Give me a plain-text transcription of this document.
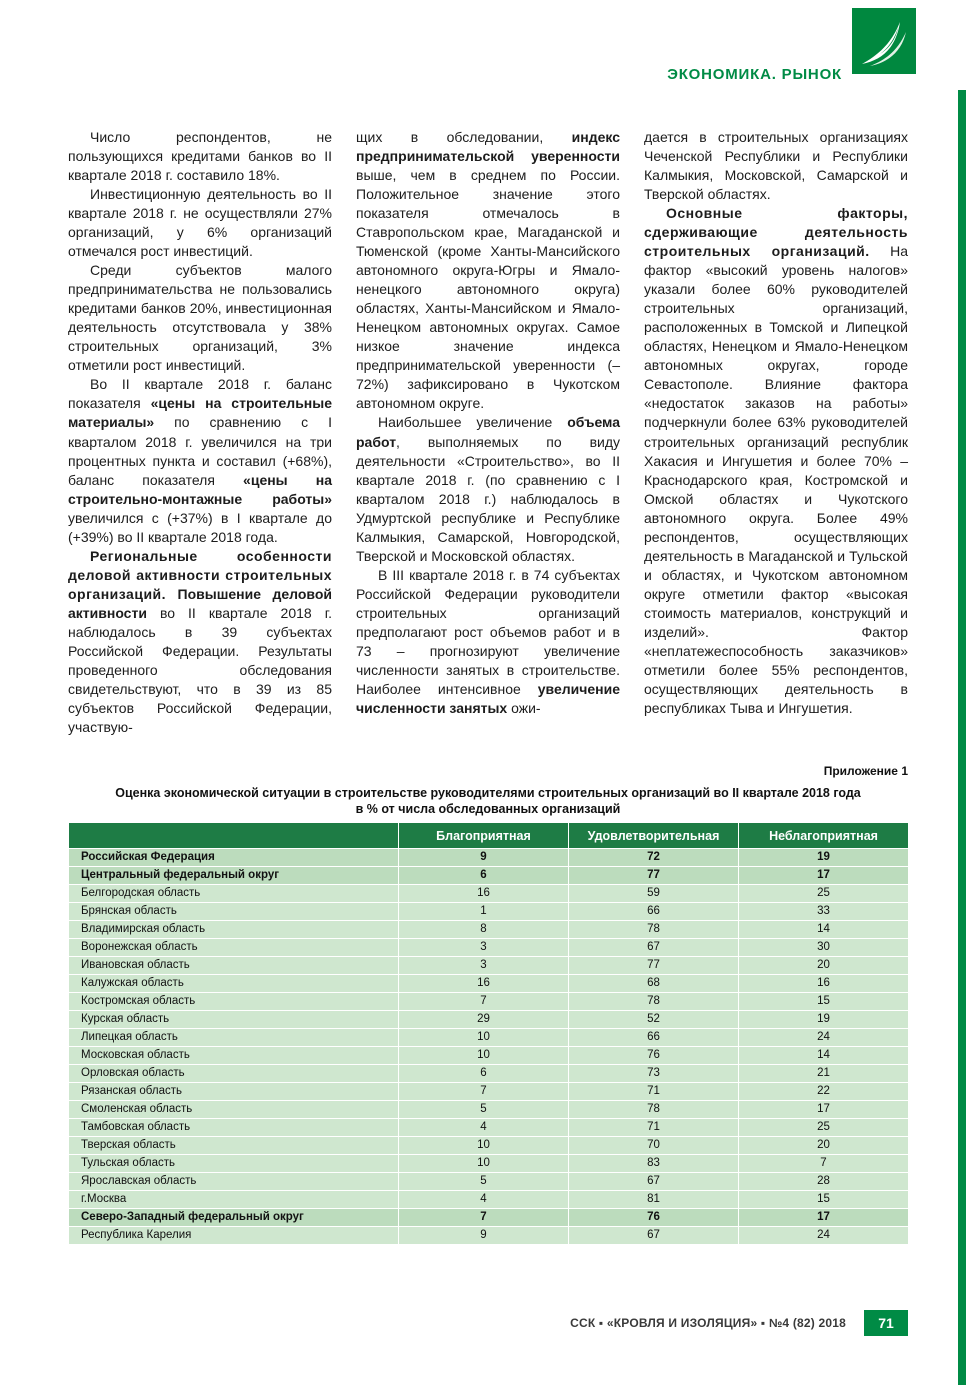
ЭКОНОМИКА. РЫНОК

Число респондентов, не пользующихся кредитами банков во II квартале 2018 г. составило 18%.

Инвестиционную деятельность во II квартале 2018 г. не осуществляли 27% организаций, у 6% организаций отмечался рост инвестиций.

Среди субъектов малого предпринимательства не пользовались кредитами банков 20%, инвестиционная деятельность отсутствовала у 38% строительных организаций, 3% отметили рост инвестиций.

Во II квартале 2018 г. баланс показателя «цены на строительные материалы» по сравнению с I кварталом 2018 г. увеличился на три процентных пункта и составил (+68%), баланс показателя «цены на строительно-монтажные работы» увеличился с (+37%) в I квартале до (+39%) во II квартале 2018 года.

Региональные особенности деловой активности строительных организаций. Повышение деловой активности во II квартале 2018 г. наблюдалось в 39 субъектах Российской Федерации. Результаты проведенного обследования свидетельствуют, что в 39 из 85 субъектов Российской Федерации, участвую-

щих в обследовании, индекс предпринимательской уверенности выше, чем в среднем по России. Положительное значение этого показателя отмечалось в Ставропольском крае, Магаданской и Тюменской (кроме Ханты-Мансийского автономного округа-Югры и Ямало-ненецкого автономного округа) областях, Ханты-Мансийском и Ямало-Ненецком автономных округах. Самое низкое значение индекса предпринимательской уверенности (–72%) зафиксировано в Чукотском автономном округе.

Наибольшее увеличение объема работ, выполняемых по виду деятельности «Строительство», во II квартале 2018 г. (по сравнению с I кварталом 2018 г.) наблюдалось в Удмуртской республике и Республике Калмыкия, Самарской, Новгородской, Тверской и Московской областях.

В III квартале 2018 г. в 74 субъектах Российской Федерации руководители строительных организаций предполагают рост объемов работ и в 73 – прогнозируют увеличение численности занятых в строительстве. Наиболее интенсивное увеличение численности занятых ожи-

дается в строительных организациях Чеченской Республики и Республики Калмыкия, Московской, Самарской и Тверской областях.

Основные факторы, сдерживающие деятельность строительных организаций. На фактор «высокий уровень налогов» указали более 60% руководителей строительных организаций, расположенных в Томской и Липецкой областях, Ненецком и Ямало-Ненецком автономных округах, городе Севастополе. Влияние фактора «недостаток заказов на работы» подчеркнули более 63% руководителей строительных организаций республик Хакасия и Ингушетия и более 70% – Краснодарского края, Костромской и Омской областях и Чукотского автономного округа. Более 49% респондентов, осуществляющих деятельность в Магаданской и Тульской и областях, и Чукотском автономном округе отметили фактор «высокая стоимость материалов, конструкций и изделий». Фактор «неплатежеспособность заказчиков» отметили более 55% респондентов, осуществляющих деятельность в республиках Тыва и Ингушетия.

Приложение 1
Оценка экономической ситуации в строительстве руководителями строительных организаций во II квартале 2018 года
в % от числа обследованных организаций
	Благоприятная	Удовлетворительная	Неблагоприятная
Российская Федерация	9	72	19
Центральный федеральный округ	6	77	17
Белгородская область	16	59	25
Брянская область	1	66	33
Владимирская область	8	78	14
Воронежская область	3	67	30
Ивановская область	3	77	20
Калужская область	16	68	16
Костромская область	7	78	15
Курская область	29	52	19
Липецкая область	10	66	24
Московская область	10	76	14
Орловская область	6	73	21
Рязанская область	7	71	22
Смоленская область	5	78	17
Тамбовская область	4	71	25
Тверская область	10	70	20
Тульская область	10	83	7
Ярославская область	5	67	28
г.Москва	4	81	15
Северо-Западный федеральный округ	7	76	17
Республика Карелия	9	67	24
ССК ▪ «КРОВЛЯ И ИЗОЛЯЦИЯ» ▪ №4 (82) 2018	71
